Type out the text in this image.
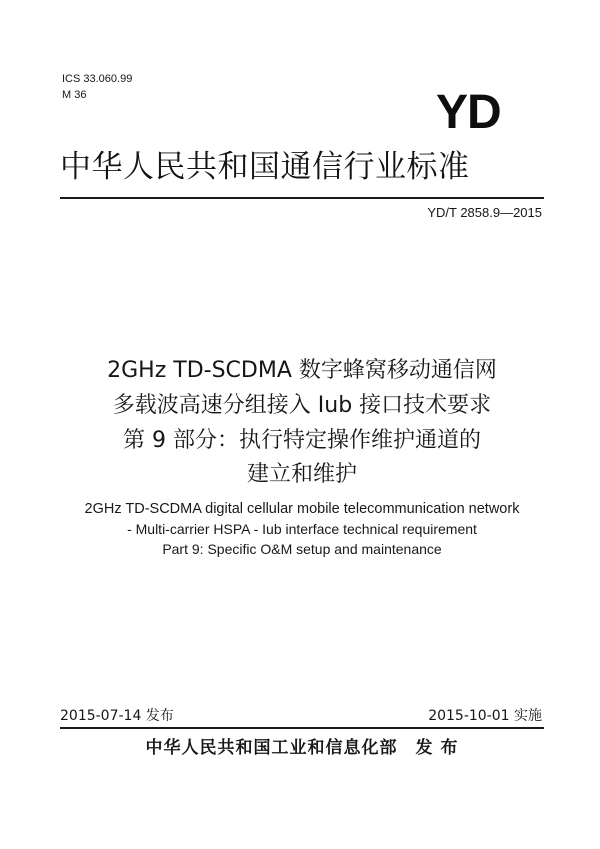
ICS 33.060.99
M 36	YD
中华人民共和国通信行业标准
YD/T 2858.9—2015
2GHz TD-SCDMA 数字蜂窝移动通信网
多载波高速分组接入 Iub 接口技术要求
第 9 部分：执行特定操作维护通道的
建立和维护
2GHz TD-SCDMA digital cellular mobile telecommunication network
- Multi-carrier HSPA - Iub interface technical requirement
Part 9: Specific O&M setup and maintenance
2015-07-14 发布	2015-10-01 实施
中华人民共和国工业和信息化部　发 布
